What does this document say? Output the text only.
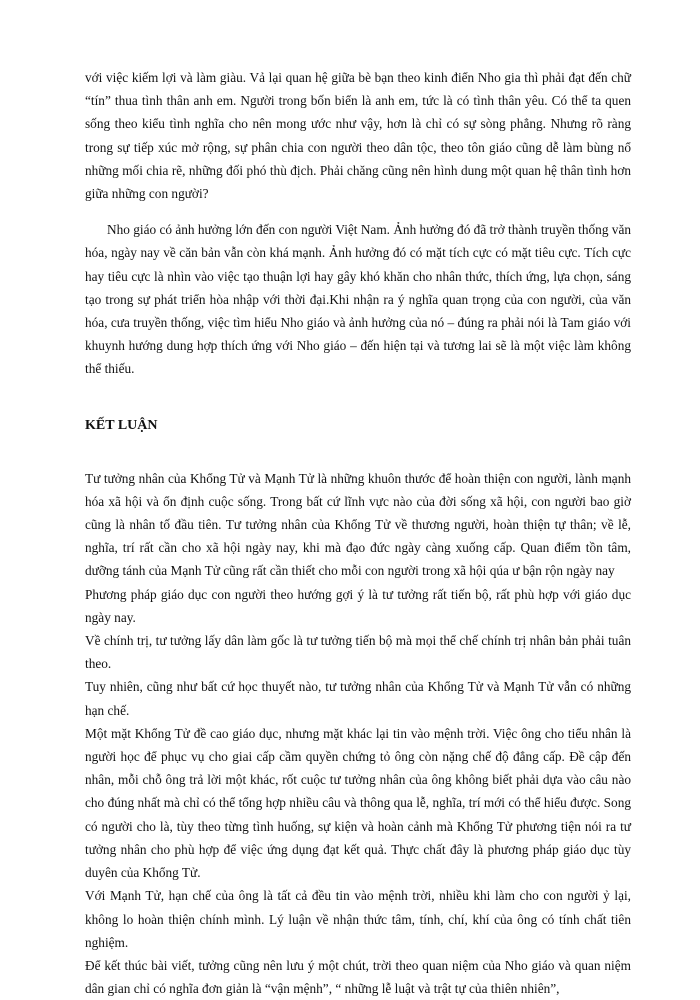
với việc kiếm lợi và làm giàu. Vả lại quan hệ giữa bè bạn theo kinh điển Nho gia thì phải đạt đến chữ “tín” thua tình thân anh em. Người trong bốn biển là anh em, tức là có tình thân yêu. Có thể ta quen sống theo kiểu tình nghĩa cho nên mong ước như vậy, hơn là chỉ có sự sòng phẳng. Nhưng rõ ràng trong sự tiếp xúc mở rộng, sự phân chia con người theo dân tộc, theo tôn giáo cũng dễ làm bùng nổ những mối chia rẽ, những đối phó thù địch. Phải chăng cũng nên hình dung một quan hệ thân tình hơn giữa những con người?

Nho giáo có ảnh hưởng lớn đến con người Việt Nam. Ảnh hưởng đó đã trở thành truyền thống văn hóa, ngày nay về căn bản vẫn còn khá mạnh. Ảnh hưởng đó có mặt tích cực có mặt tiêu cực. Tích cực hay tiêu cực là nhìn vào việc tạo thuận lợi hay gây khó khăn cho nhân thức, thích ứng, lựa chọn, sáng tạo trong sự phát triển hòa nhập với thời đại.Khi nhận ra ý nghĩa quan trọng của con người, của văn hóa, cưa truyền thống, việc tìm hiểu Nho giáo và ảnh hưởng của nó – đúng ra phải nói là Tam giáo với khuynh hướng dung hợp thích ứng với Nho giáo – đến hiện tại và tương lai sẽ là một việc làm không thể thiếu.

KẾT LUẬN

Tư tưởng nhân của Khổng Tử và Mạnh Tử là những khuôn thước để hoàn thiện con người, lành mạnh hóa xã hội và ổn định cuộc sống. Trong bất cứ lĩnh vực nào của đời sống xã hội, con người bao giờ cũng là nhân tố đầu tiên. Tư tưởng nhân của Khổng Tử về thương người, hoàn thiện tự thân; về lễ, nghĩa, trí rất cần cho xã hội ngày nay, khi mà đạo đức ngày càng xuống cấp. Quan điểm tồn tâm, dưỡng tánh của Mạnh Tử cũng rất cần thiết cho mỗi con người trong xã hội qúa ư bận rộn ngày nay

Phương pháp giáo dục con người theo hướng gợi ý là tư tưởng rất tiến bộ, rất phù hợp với giáo dục ngày nay.

Về chính trị, tư tưởng lấy dân làm gốc là tư tưởng tiến bộ mà mọi thể chế chính trị nhân bản phải tuân theo.

Tuy nhiên, cũng như bất cứ học thuyết nào, tư tưởng nhân của Khổng Tử và Mạnh Tử vẫn có những hạn chế.

Một mặt Khổng Tử đề cao giáo dục, nhưng mặt khác lại tin vào mệnh trời. Việc ông cho tiểu nhân là người học để phục vụ cho giai cấp cầm quyền chứng tỏ ông còn nặng chế độ đẳng cấp. Đề cập đến nhân, mỗi chỗ ông trả lời một khác, rốt cuộc tư tưởng nhân của ông không biết phải dựa vào câu nào cho đúng nhất mà chỉ có thể tổng hợp nhiều câu và thông qua lễ, nghĩa, trí mới có thể hiểu được. Song có người cho là, tùy theo từng tình huống, sự kiện và hoàn cảnh mà Khổng Tử phương tiện nói ra tư tưởng nhân cho phù hợp để việc ứng dụng đạt kết quả. Thực chất đây là phương pháp giáo dục tùy duyên của Khổng Tử.

Với Mạnh Tử, hạn chế của ông là tất cả đều tin vào mệnh trời, nhiều khi làm cho con người ỷ lại, không lo hoàn thiện chính mình. Lý luận về nhận thức tâm, tính, chí, khí của ông có tính chất tiên nghiệm.

Để kết thúc bài viết, tưởng cũng nên lưu ý một chút, trời theo quan niệm của Nho giáo và quan niệm dân gian chỉ có nghĩa đơn giản là “vận mệnh”, “ những lễ luật và trật tự của thiên nhiên”,
